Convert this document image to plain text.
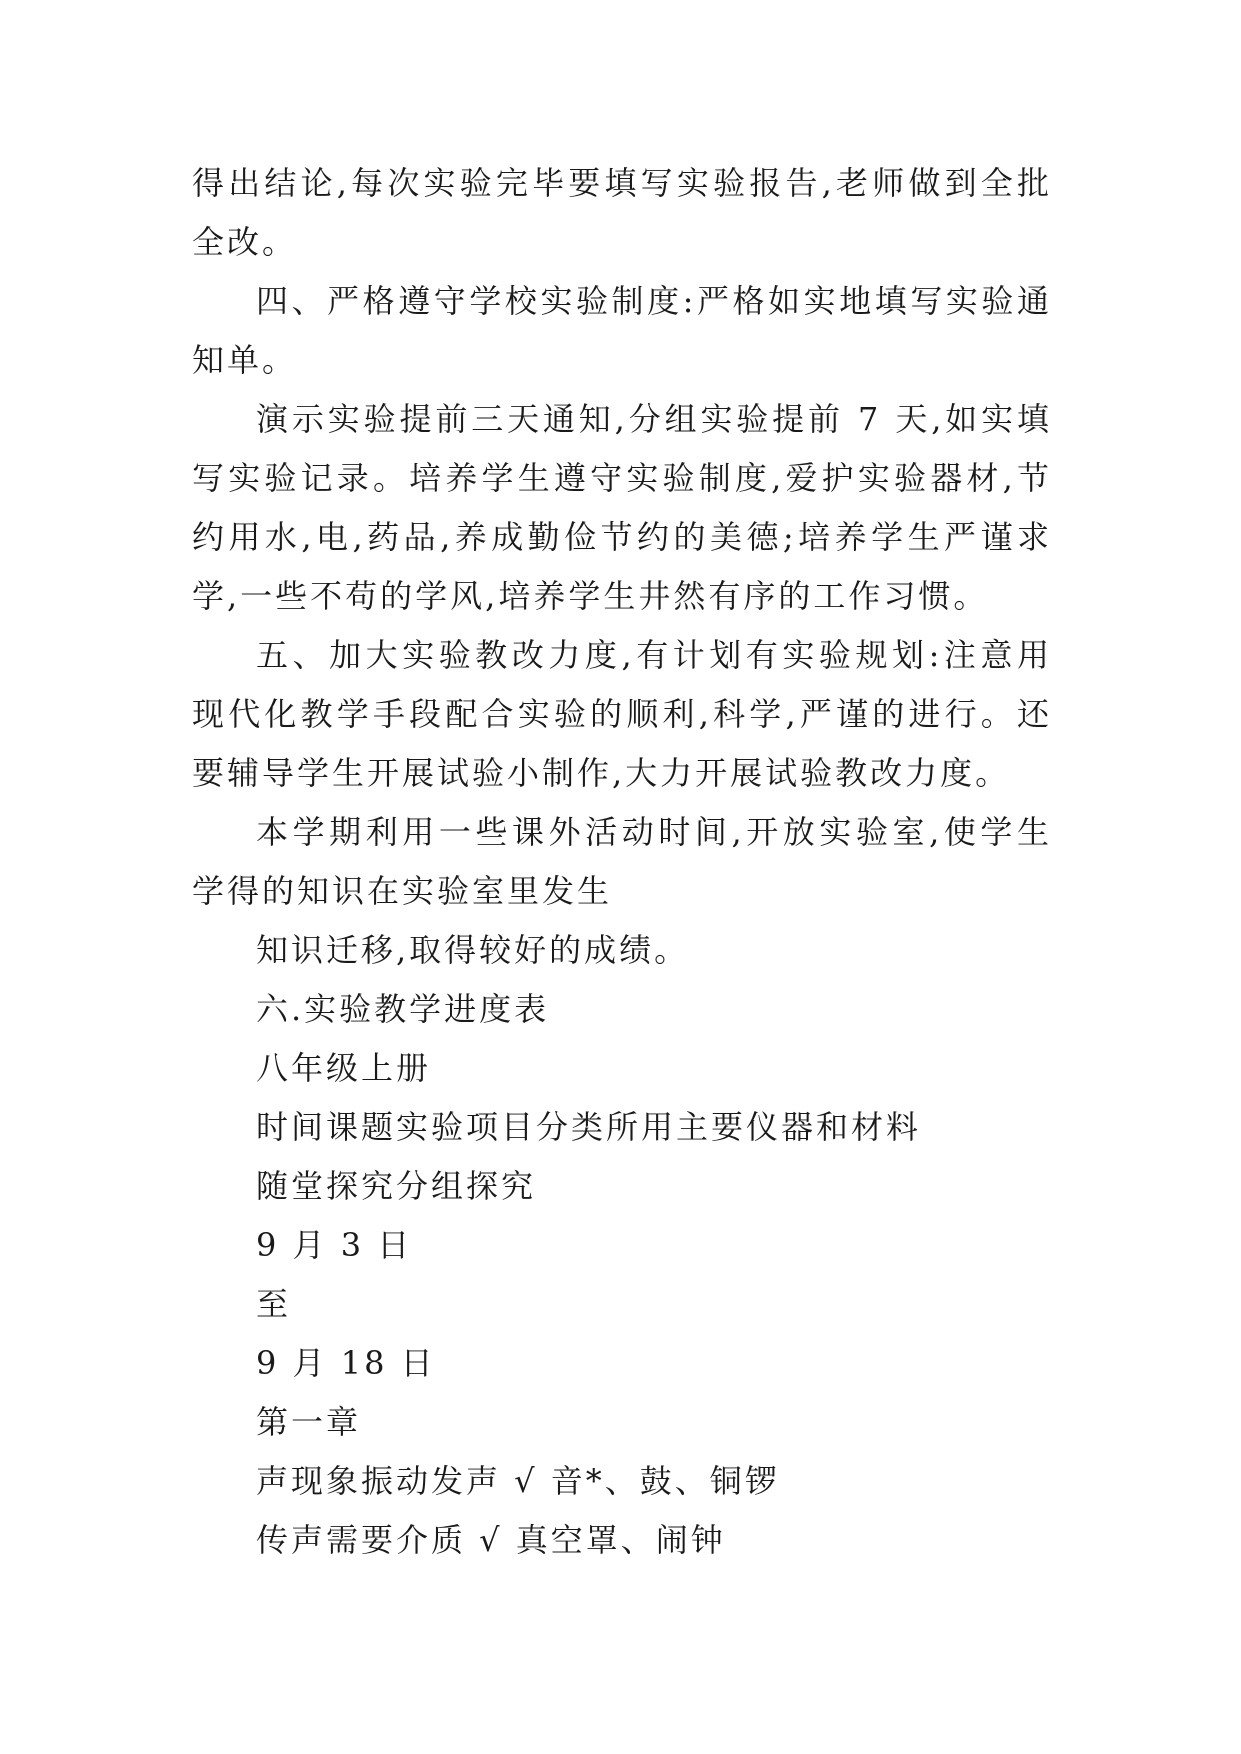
得出结论,每次实验完毕要填写实验报告,老师做到全批全改。

四、严格遵守学校实验制度:严格如实地填写实验通知单。

演示实验提前三天通知,分组实验提前 7 天,如实填写实验记录。培养学生遵守实验制度,爱护实验器材,节约用水,电,药品,养成勤俭节约的美德;培养学生严谨求学,一些不苟的学风,培养学生井然有序的工作习惯。

五、加大实验教改力度,有计划有实验规划:注意用现代化教学手段配合实验的顺利,科学,严谨的进行。还要辅导学生开展试验小制作,大力开展试验教改力度。

本学期利用一些课外活动时间,开放实验室,使学生学得的知识在实验室里发生

知识迁移,取得较好的成绩。

六.实验教学进度表

八年级上册

时间课题实验项目分类所用主要仪器和材料

随堂探究分组探究

9 月 3 日

至

9 月 18 日

第一章

声现象振动发声 √ 音*、鼓、铜锣

传声需要介质 √ 真空罩、闹钟
